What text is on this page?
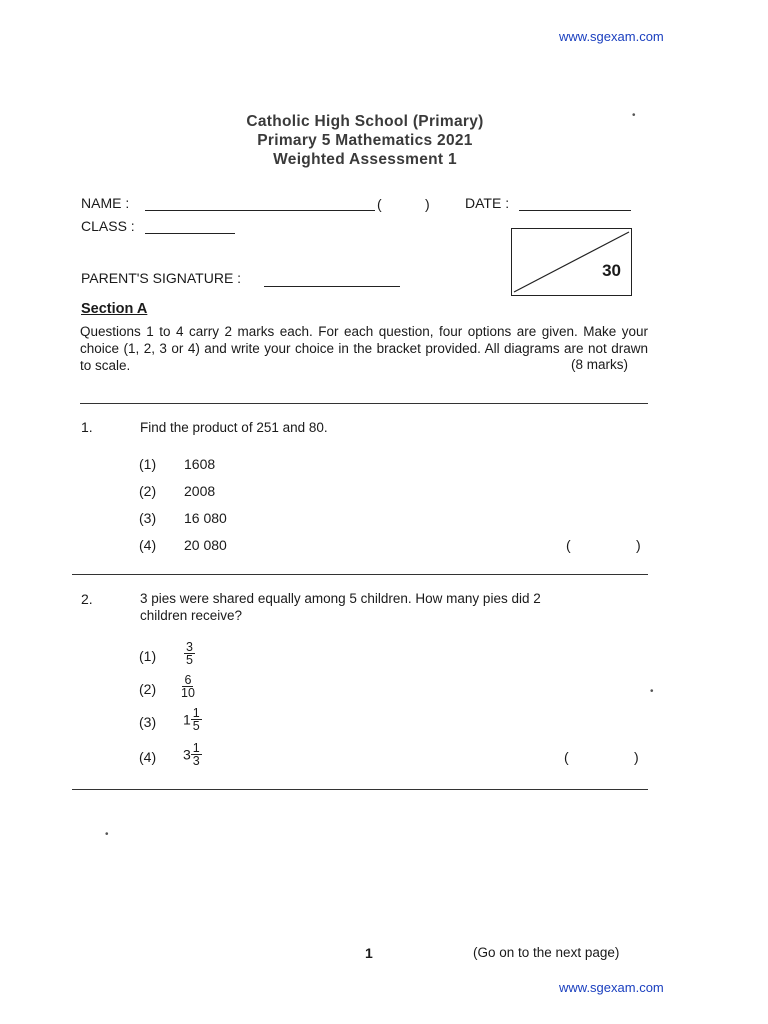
www.sgexam.com
Catholic High School (Primary)
Primary 5 Mathematics 2021
Weighted Assessment 1
NAME :	(	)	DATE :
CLASS :
30
PARENT'S SIGNATURE :
Section A
Questions 1 to 4 carry 2 marks each. For each question, four options are given. Make your choice (1, 2, 3 or 4) and write your choice in the bracket provided. All diagrams are not drawn to scale.	(8 marks)
1.	Find the product of 251 and 80.
(1) 1608
(2) 2008
(3) 16 080
(4) 20 080	(	)
2.	3 pies were shared equally among 5 children. How many pies did 2 children receive?
$(1) \frac{3}{5}$
$(2) \frac{6}{10}$
(3) $1 \frac{1}{5}$
(4) $3 \frac{1}{3}$	(	)
•
•
•
1	(Go on to the next page)
www.sgexam.com
